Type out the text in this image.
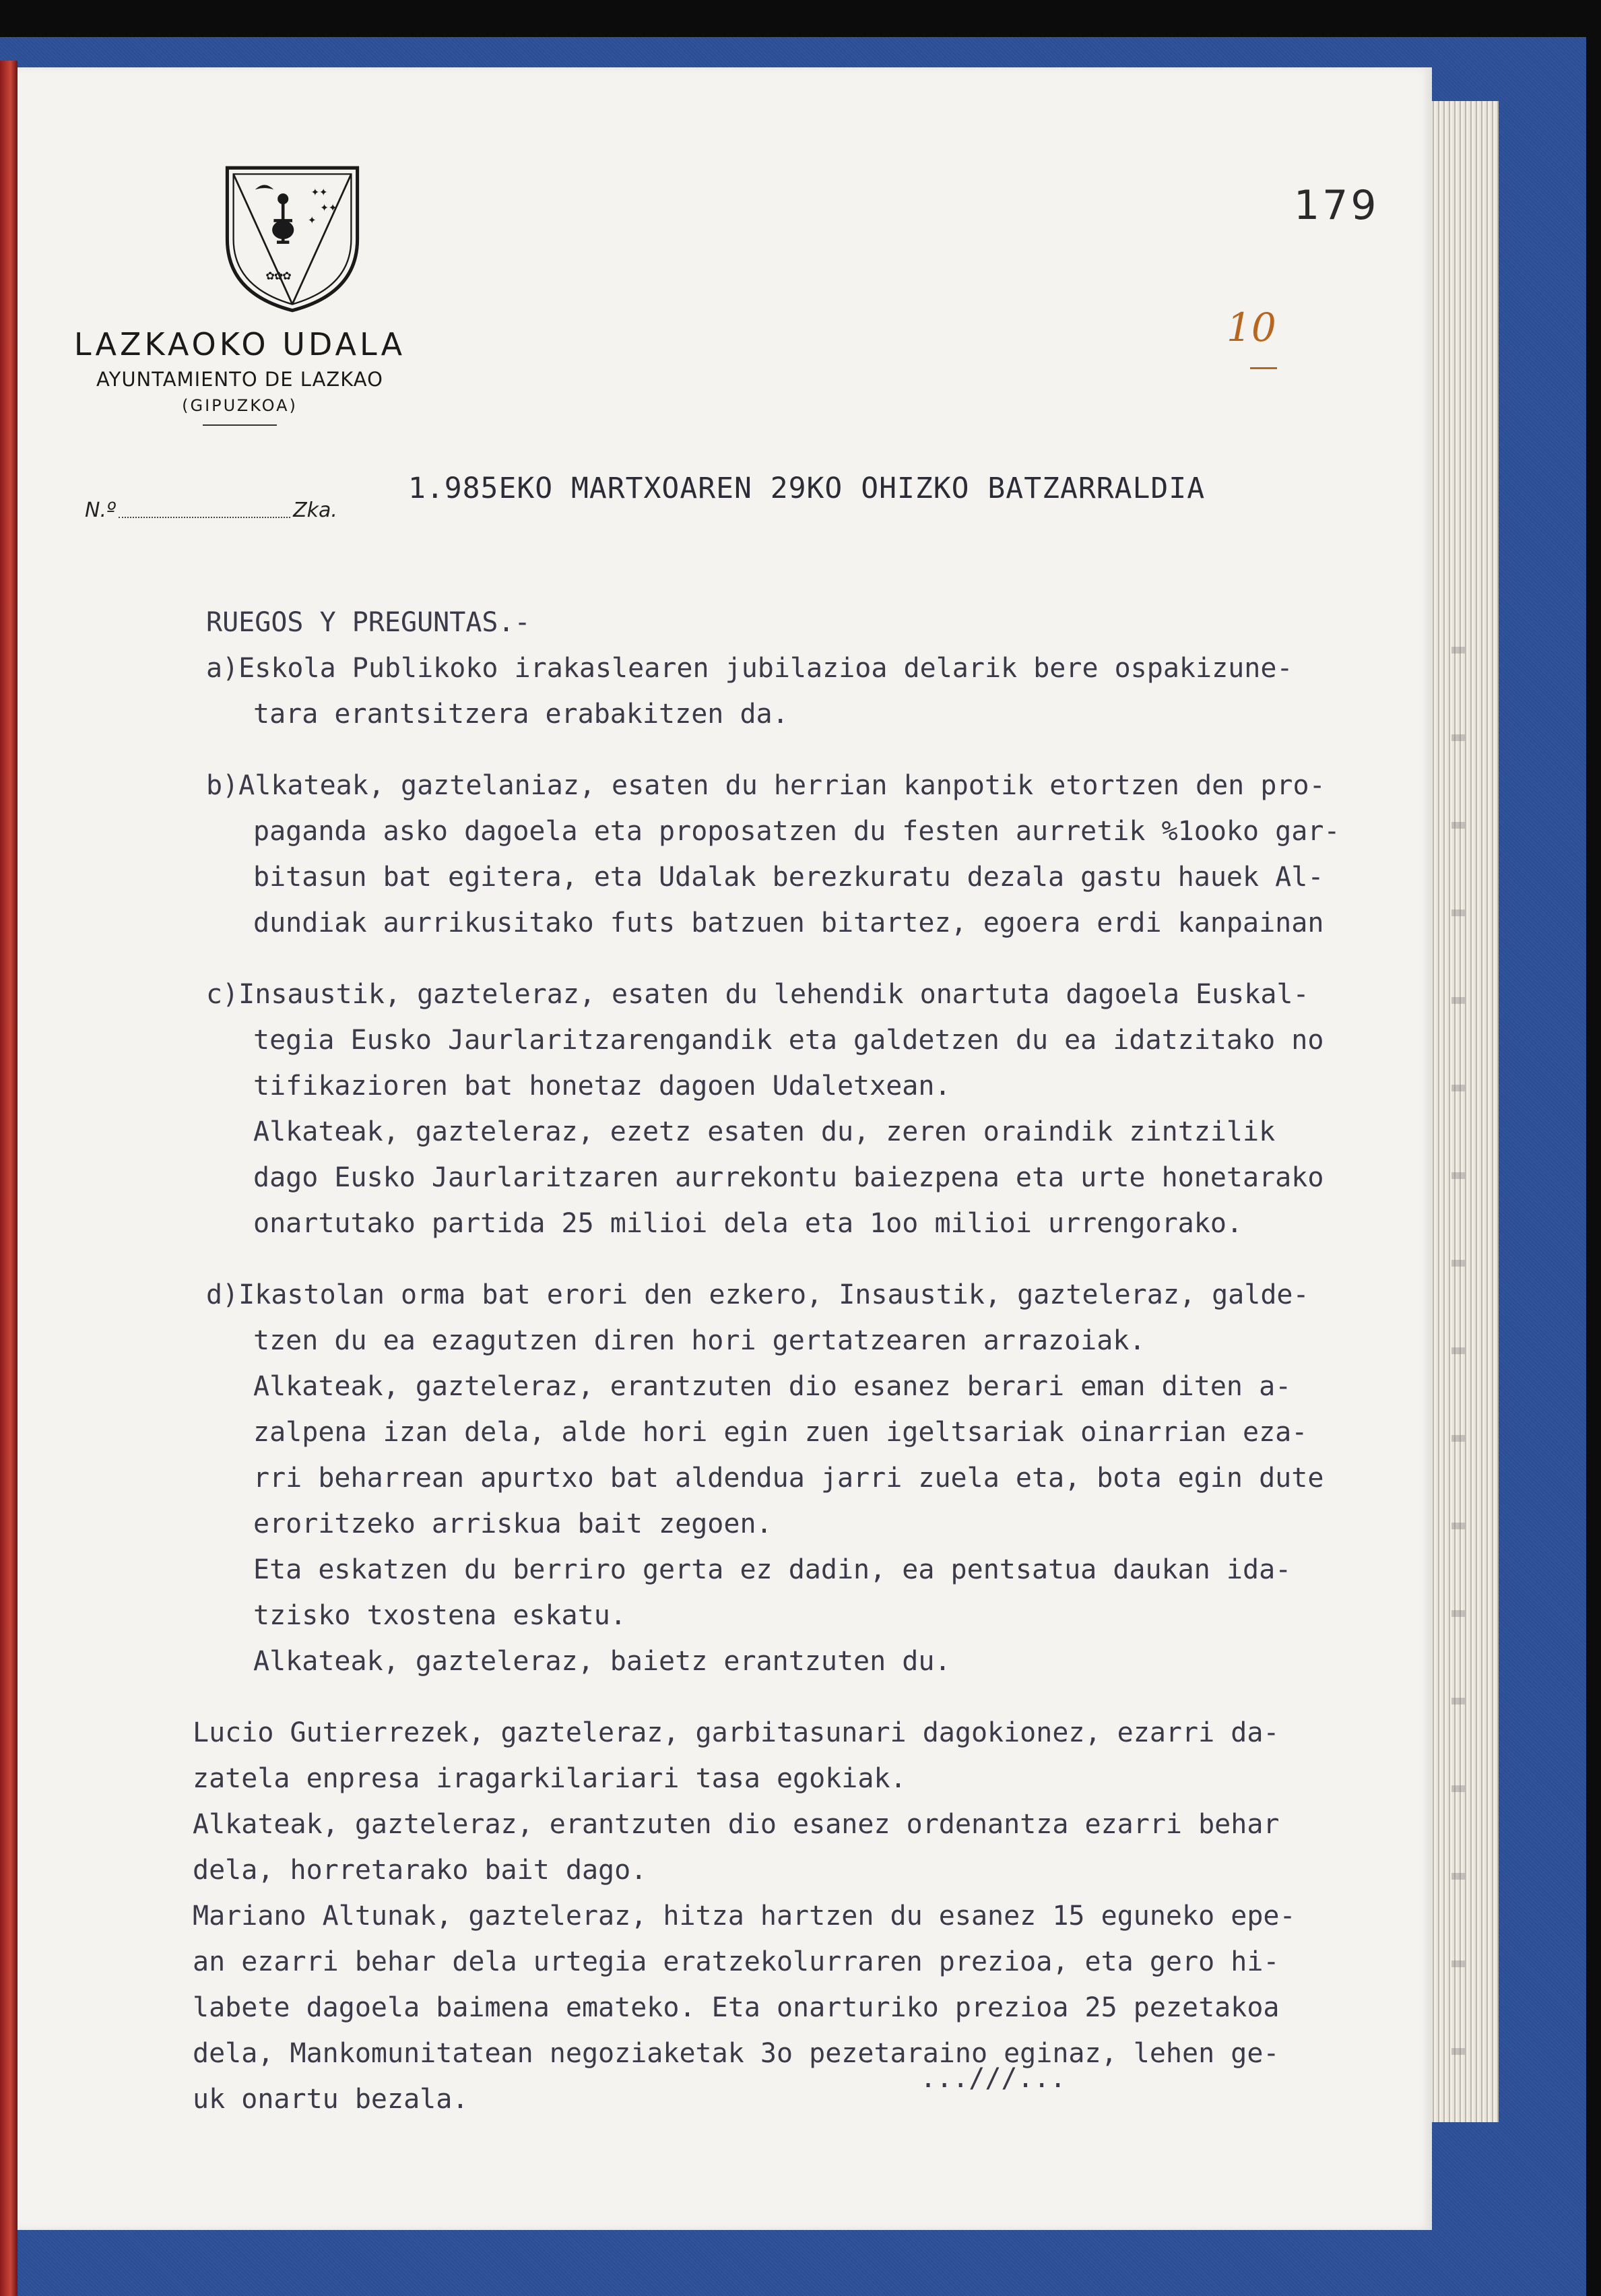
✦✦
✦✦
✦
✿✿✿
LAZKAOKO UDALA
AYUNTAMIENTO DE LAZKAO
(GIPUZKOA)
N.º	Zka.
179
10
1.985EKO MARTXOAREN 29KO OHIZKO BATZARRALDIA
RUEGOS Y PREGUNTAS.-
a)Eskola Publikoko irakaslearen jubilazioa delarik bere ospakizune-
tara erantsitzera erabakitzen da.
b)Alkateak, gaztelaniaz, esaten du herrian kanpotik etortzen den pro-
paganda asko dagoela eta proposatzen du festen aurretik %1ooko gar-
bitasun bat egitera, eta Udalak berezkuratu dezala gastu hauek Al-
dundiak aurrikusitako futs batzuen bitartez, egoera erdi kanpainan
c)Insaustik, gazteleraz, esaten du lehendik onartuta dagoela Euskal-
tegia Eusko Jaurlaritzarengandik eta galdetzen du ea idatzitako no
tifikazioren bat honetaz dagoen Udaletxean.
Alkateak, gazteleraz, ezetz esaten du, zeren oraindik zintzilik
dago Eusko Jaurlaritzaren aurrekontu baiezpena eta urte honetarako
onartutako partida 25 milioi dela eta 1oo milioi urrengorako.
d)Ikastolan orma bat erori den ezkero, Insaustik, gazteleraz, galde-
tzen du ea ezagutzen diren hori gertatzearen arrazoiak.
Alkateak, gazteleraz, erantzuten dio esanez berari eman diten a-
zalpena izan dela, alde hori egin zuen igeltsariak oinarrian eza-
rri beharrean apurtxo bat aldendua jarri zuela eta, bota egin dute
eroritzeko arriskua bait zegoen.
Eta eskatzen du berriro gerta ez dadin, ea pentsatua daukan ida-
tzisko txostena eskatu.
Alkateak, gazteleraz, baietz erantzuten du.
Lucio Gutierrezek, gazteleraz, garbitasunari dagokionez, ezarri da-
zatela enpresa iragarkilariari tasa egokiak.
Alkateak, gazteleraz, erantzuten dio esanez ordenantza ezarri behar
dela, horretarako bait dago.
Mariano Altunak, gazteleraz, hitza hartzen du esanez 15 eguneko epe-
an ezarri behar dela urtegia eratzekolurraren prezioa, eta gero hi-
labete dagoela baimena emateko. Eta onarturiko prezioa 25 pezetakoa
dela, Mankomunitatean negoziaketak 3o pezetaraino eginaz, lehen ge-
uk onartu bezala.
...///...
